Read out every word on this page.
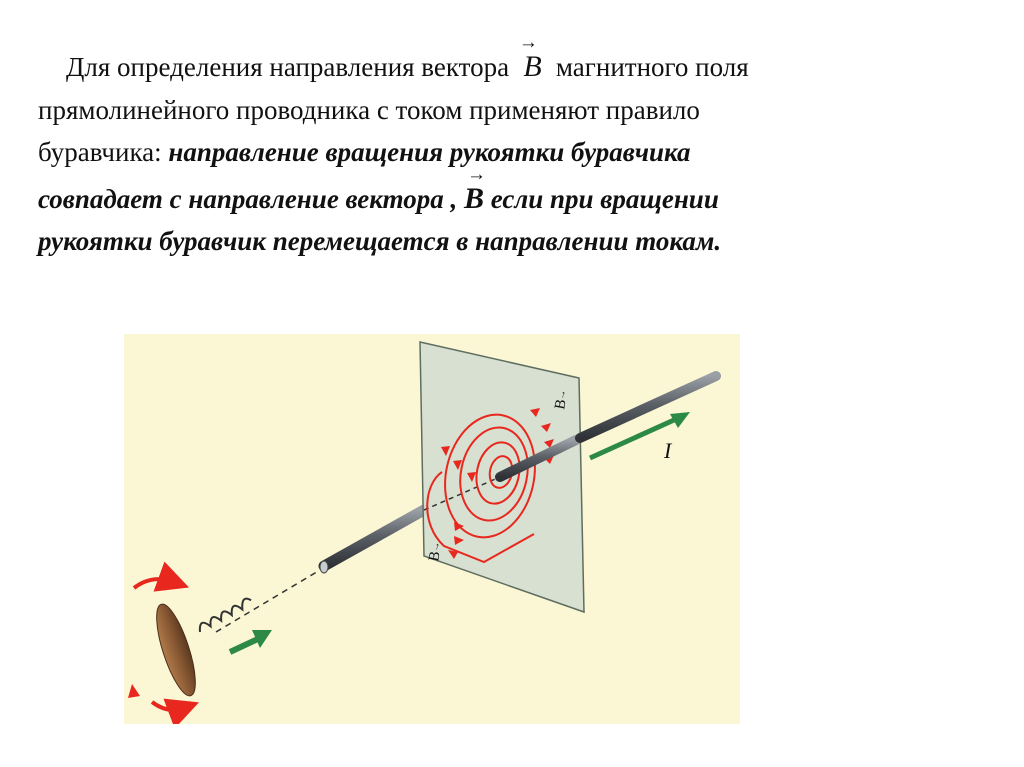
Для определения направления вектора
→
B магнитного поля
прямолинейного проводника с током применяют правило
буравчика: направление вращения рукоятки буравчика
совпадает с направление вектора ,
→
B если при вращении
рукоятки буравчик перемещается в направлении токам.
B
→
B
→
I
